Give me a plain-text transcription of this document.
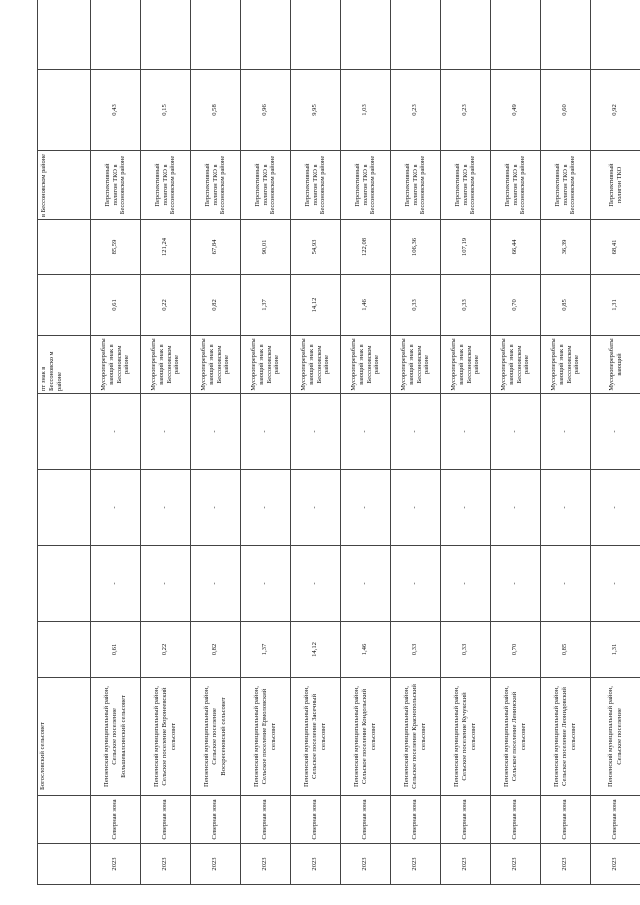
		Богословский сельсовет					пт знак в Бессоновско м районе			в Бессоновском районе		
2023	Северная зона	Пензенский муниципальный район, Сельское поселение Большевалсинский сельсовет	0,61	-	-	-	Мусороперерабатывающий знак в Бессоновском районе	0,61	85,59	Перспективный полигон ТКО в Бессоновском районе	0,43	
2023	Северная зона	Пензенский муниципальный район, Сельское поселение Воронеевский сельсовет	0,22	-	-	-	Мусороперерабатывающий знак в Бессоновском районе	0,22	121,24	Перспективный полигон ТКО в Бессоновском районе	0,15	
2023	Северная зона	Пензенский муниципальный район, Сельское поселение Воскресеновский сельсовет	0,82	-	-	-	Мусороперерабатывающий знак в Бессоновском районе	0,82	67,84	Перспективный полигон ТКО в Бессоновском районе	0,58	
2023	Северная зона	Пензенский муниципальный район, Сельское поселение Ермоловский сельсовет	1,37	-	-	-	Мусороперерабатывающий знак в Бессоновском районе	1,37	90,01	Перспективный полигон ТКО в Бессоновском районе	0,96	
2023	Северная зона	Пензенский муниципальный район, Сельское поселение Засечный сельсовет	14,12	-	-	-	Мусороперерабатывающий знак в Бессоновском районе	14,12	54,93	Перспективный полигон ТКО в Бессоновском районе	9,95	
2023	Северная зона	Пензенский муниципальный район, Сельское поселение Кондольский сельсовет	1,46	-	-	-	Мусороперерабатывающий знак в Бессоновском районе	1,46	122,08	Перспективный полигон ТКО в Бессоновском районе	1,03	
2023	Северная зона	Пензенский муниципальный район, Сельское поселение Краснопольский сельсовет	0,33	-	-	-	Мусороперерабатывающий знак в Бессоновском районе	0,33	106,36	Перспективный полигон ТКО в Бессоновском районе	0,23	
2023	Северная зона	Пензенский муниципальный район, Сельское поселение Кучукский сельсовет	0,33	-	-	-	Мусороперерабатывающий знак в Бессоновском районе	0,33	107,19	Перспективный полигон ТКО в Бессоновском районе	0,23	
2023	Северная зона	Пензенский муниципальный район, Сельское поселение Ленинский сельсовет	0,70	-	-	-	Мусороперерабатывающий знак в Бессоновском районе	0,70	66,44	Перспективный полигон ТКО в Бессоновском районе	0,49	
2023	Северная зона	Пензенский муниципальный район, Сельское поселение Леонидовский сельсовет	0,85	-	-	-	Мусороперерабатывающий знак в Бессоновском районе	0,85	36,39	Перспективный полигон ТКО в Бессоновском районе	0,60	
2023	Северная зона	Пензенский муниципальный район, Сельское поселение	1,31	-	-	-	Мусороперерабатывающий	1,31	68,41	Перспективный полигон ТКО	0,92	
